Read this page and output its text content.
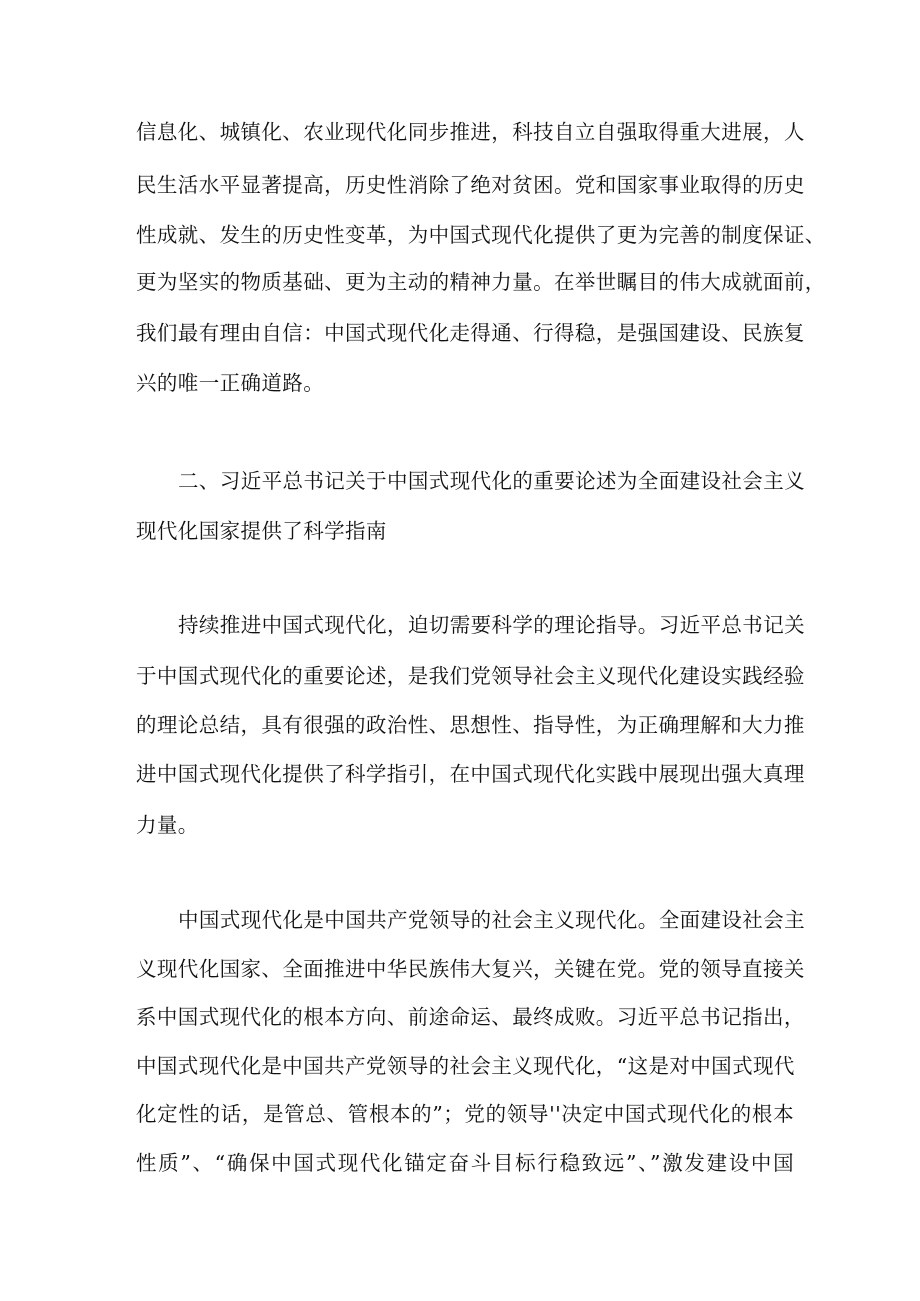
信息化、城镇化、农业现代化同步推进，科技自立自强取得重大进展，人
民生活水平显著提高，历史性消除了绝对贫困。党和国家事业取得的历史
性成就、发生的历史性变革，为中国式现代化提供了更为完善的制度保证、
更为坚实的物质基础、更为主动的精神力量。在举世瞩目的伟大成就面前，
我们最有理由自信：中国式现代化走得通、行得稳，是强国建设、民族复
兴的唯一正确道路。
二、习近平总书记关于中国式现代化的重要论述为全面建设社会主义
现代化国家提供了科学指南
持续推进中国式现代化，迫切需要科学的理论指导。习近平总书记关
于中国式现代化的重要论述，是我们党领导社会主义现代化建设实践经验
的理论总结，具有很强的政治性、思想性、指导性，为正确理解和大力推
进中国式现代化提供了科学指引，在中国式现代化实践中展现出强大真理
力量。
中国式现代化是中国共产党领导的社会主义现代化。全面建设社会主
义现代化国家、全面推进中华民族伟大复兴，关键在党。党的领导直接关
系中国式现代化的根本方向、前途命运、最终成败。习近平总书记指出，
中国式现代化是中国共产党领导的社会主义现代化，“这是对中国式现代
化定性的话，是管总、管根本的”；党的领导''决定中国式现代化的根本
性质”、“确保中国式现代化锚定奋斗目标行稳致远”、”激发建设中国
